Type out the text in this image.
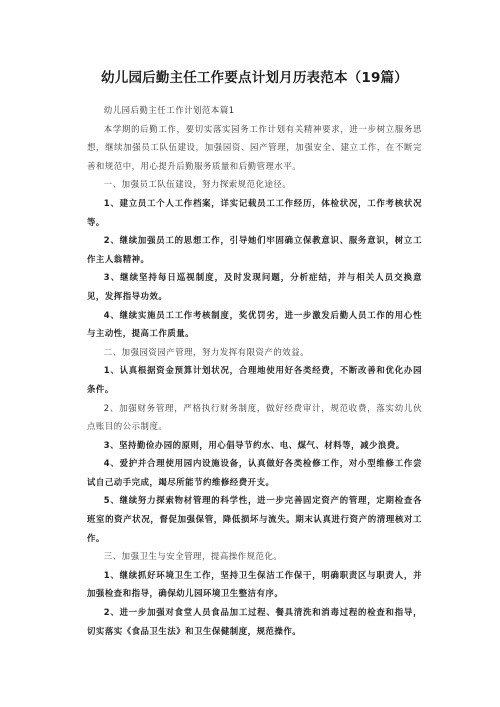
幼儿园后勤主任工作要点计划月历表范本（19篇）

幼儿园后勤主任工作计划范本篇1

本学期的后勤工作，要切实落实园务工作计划有关精神要求，进一步树立服务思想，继续加强员工队伍建设，加强园资、园产管理，加强安全、建立工作，在不断完善和规范中，用心提升后勤服务质量和后勤管理水平。

一、加强员工队伍建设，努力探索规范化途径。

1、建立员工个人工作档案，详实记载员工工作经历，体检状况，工作考核状况等。

2、继续加强员工的思想工作，引导她们牢固确立保教意识、服务意识，树立工作主人翁精神。

3、继续坚持每日巡视制度，及时发现问题，分析症结，并与相关人员交换意见，发挥指导功效。

4、继续实施员工工作考核制度，奖优罚劣，进一步激发后勤人员工作的用心性与主动性，提高工作质量。

二、加强园资园产管理，努力发挥有限资产的效益。

1、认真根据资金预算计划状况，合理地使用好各类经费，不断改善和优化办园条件。

2、加强财务管理，严格执行财务制度，做好经费审计，规范收费，落实幼儿伙点账目的公示制度。

3、坚持勤俭办园的原则，用心倡导节约水、电、煤气、材料等，减少浪费。

4、爱护并合理使用园内设施设备，认真做好各类检修工作，对小型维修工作尝试自己动手完成，竭尽所能节约维修经费开支。

5、继续努力探索物材管理的科学性，进一步完善固定资产的管理，定期检查各班室的资产状况，督促加强保管，降低损坏与流失。期末认真进行资产的清理核对工作。

三、加强卫生与安全管理，提高操作规范化。

1、继续抓好环境卫生工作，坚持卫生保洁工作保干，明确职责区与职责人，并加强检查和指导，确保幼儿园环境卫生整洁有序。

2、进一步加强对食堂人员食品加工过程、餐具清洗和消毒过程的检查和指导，切实落实《食品卫生法》和卫生保健制度，规范操作。
